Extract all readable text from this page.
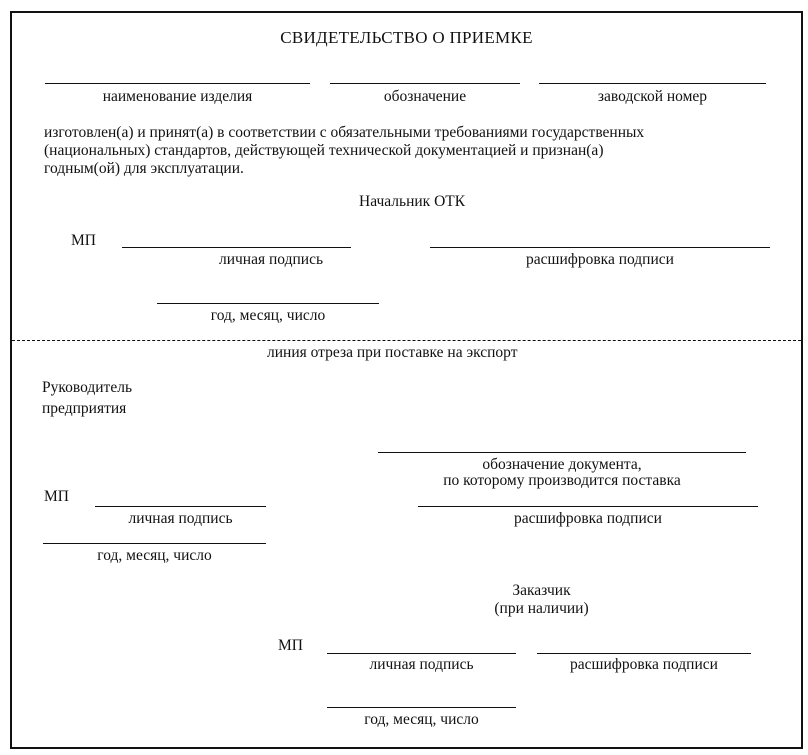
СВИДЕТЕЛЬСТВО О ПРИЕМКЕ
наименование изделия	обозначение	заводской номер
изготовлен(а) и принят(а) в соответствии с обязательными требованиями государственных
(национальных) стандартов, действующей технической документацией и признан(а)
годным(ой) для эксплуатации.
Начальник ОТК
МП
личная подпись	расшифровка подписи
год, месяц, число
линия отреза при поставке на экспорт
Руководитель
предприятия
обозначение документа,
по которому производится поставка
МП
личная подпись	расшифровка подписи
год, месяц, число
Заказчик
(при наличии)
МП
личная подпись	расшифровка подписи
год, месяц, число
